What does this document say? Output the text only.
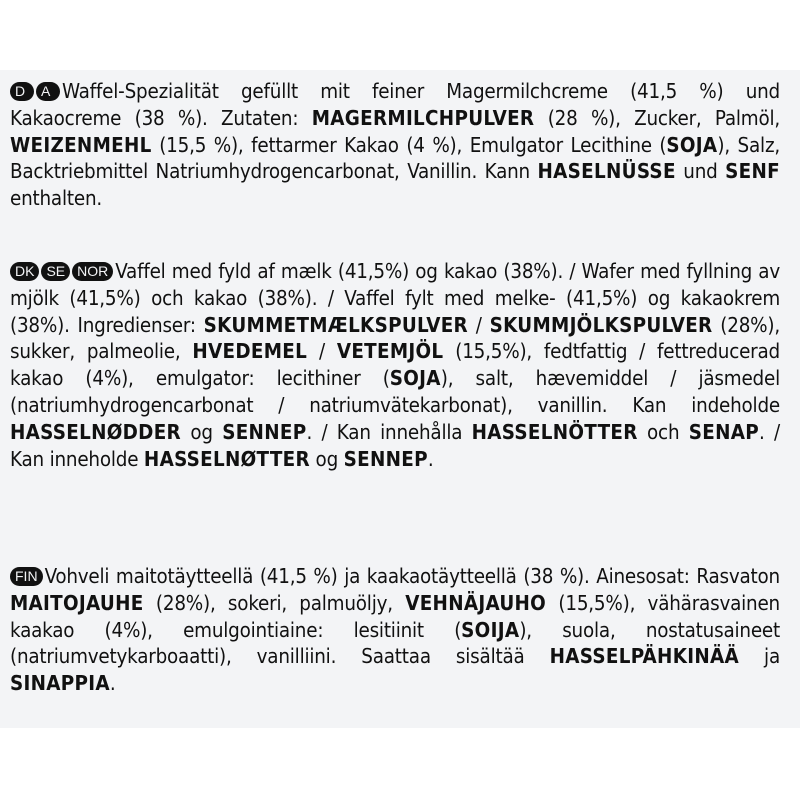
D A Waffel-Spezialität gefüllt mit feiner Magermilchcreme (41,5 %) und Kakaocreme (38 %). Zutaten: MAGERMILCHPULVER (28 %), Zucker, Palmöl, WEIZENMEHL (15,5 %), fettarmer Kakao (4 %), Emulgator Lecithine (SOJA), Salz, Backtriebmittel Natriumhydrogencarbonat, Vanillin. Kann HASELNÜSSE und SENF enthalten.
DK SE NOR Vaffel med fyld af mælk (41,5%) og kakao (38%). / Wafer med fyllning av mjölk (41,5%) och kakao (38%). / Vaffel fylt med melke- (41,5%) og kakaokrem (38%). Ingredienser: SKUMMETMÆLKSPULVER / SKUMMJÖLKSPULVER (28%), sukker, palmeolie, HVEDEMEL / VETEMJÖL (15,5%), fedtfattig / fettreducerad kakao (4%), emulgator: lecithiner (SOJA), salt, hævemiddel / jäsmedel (natriumhydrogencarbonat / natriumvätekarbonat), vanillin. Kan indeholde HASSELNØDDER og SENNEP. / Kan innehålla HASSELNÖTTER och SENAP. / Kan inneholde HASSELNØTTER og SENNEP.
FIN Vohveli maitotäytteellä (41,5 %) ja kaakaotäytteellä (38 %). Ainesosat: Rasvaton MAITOJAUHE (28%), sokeri, palmuöljy, VEHNÄJAUHO (15,5%), vähärasvainen kaakao (4%), emulgointiaine: lesitiinit (SOIJA), suola, nostatusaineet (natriumvetykarboaatti), vanilliini. Saattaa sisältää HASSELPÄHKINÄÄ ja SINAPPIA.
